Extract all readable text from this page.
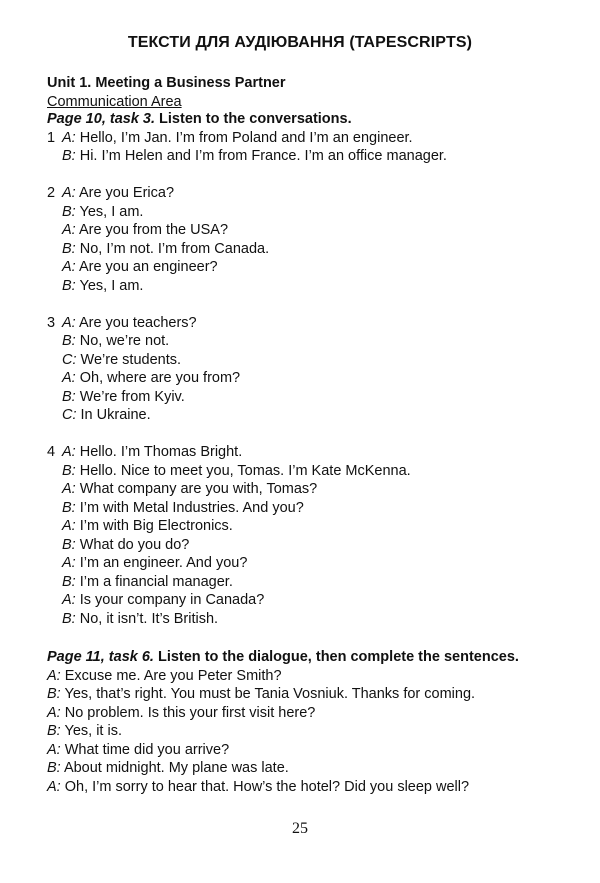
ТЕКСТИ ДЛЯ АУДІЮВАННЯ (TAPESCRIPTS)
Unit 1. Meeting a Business Partner
Communication Area
Page 10, task 3. Listen to the conversations.
1 A: Hello, I’m Jan. I’m from Poland and I’m an engineer.
B: Hi. I’m Helen and I’m from France. I’m an office manager.
2 A: Are you Erica?
B: Yes, I am.
A: Are you from the USA?
B: No, I’m not. I’m from Canada.
A: Are you an engineer?
B: Yes, I am.
3 A: Are you teachers?
B: No, we’re not.
C: We’re students.
A: Oh, where are you from?
B: We’re from Kyiv.
C: In Ukraine.
4 A: Hello. I’m Thomas Bright.
B: Hello. Nice to meet you, Tomas. I’m Kate McKenna.
A: What company are you with, Tomas?
B: I’m with Metal Industries. And you?
A: I’m with Big Electronics.
B: What do you do?
A: I’m an engineer. And you?
B: I’m a financial manager.
A: Is your company in Canada?
B: No, it isn’t. It’s British.
Page 11, task 6. Listen to the dialogue, then complete the sentences.
A: Excuse me. Are you Peter Smith?
B: Yes, that’s right. You must be Tania Vosniuk. Thanks for coming.
A: No problem. Is this your first visit here?
B: Yes, it is.
A: What time did you arrive?
B: About midnight. My plane was late.
A: Oh, I’m sorry to hear that. How’s the hotel? Did you sleep well?
25
